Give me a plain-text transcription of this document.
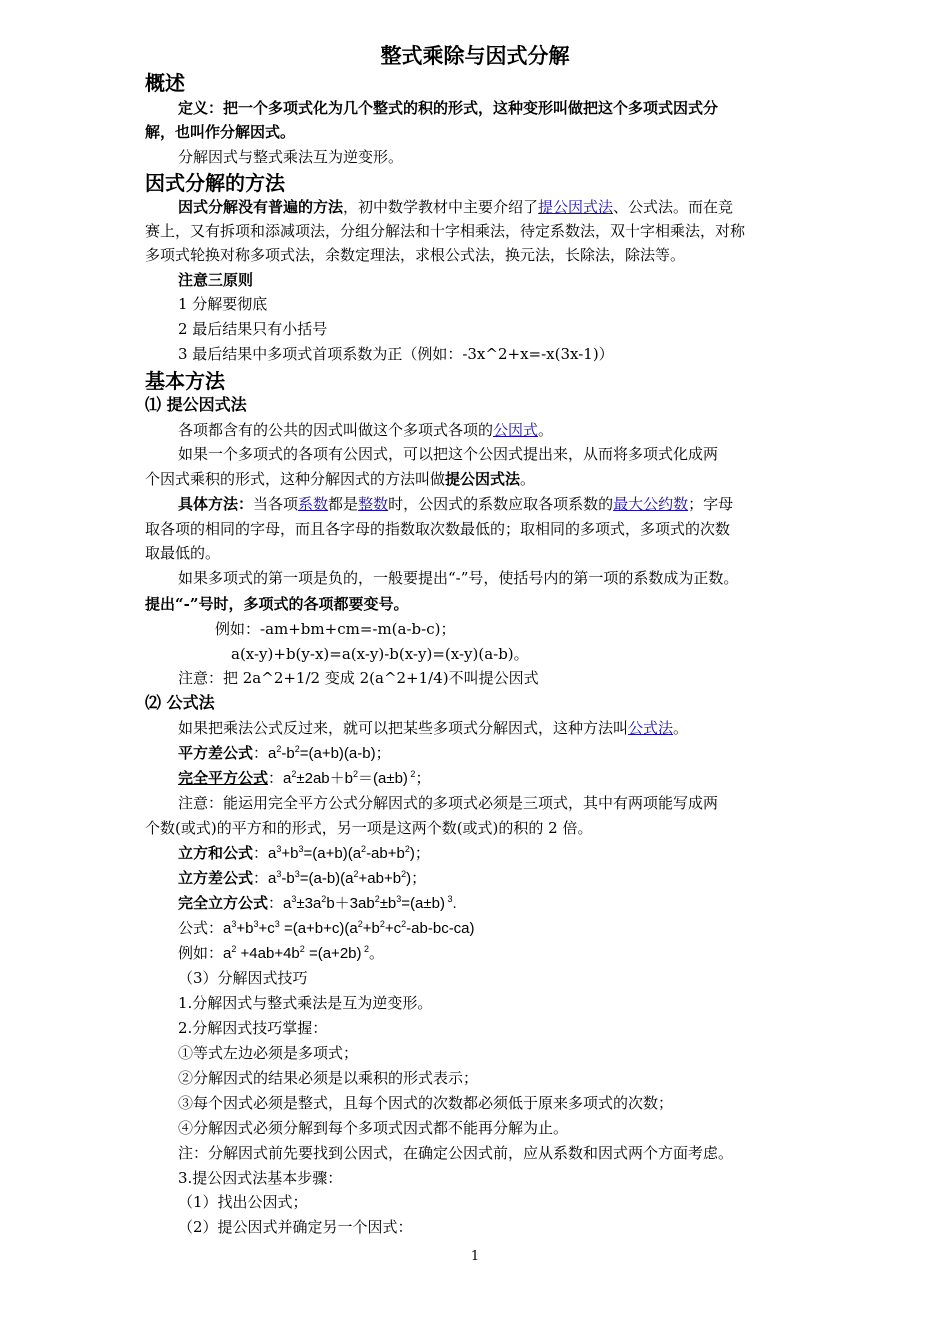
整式乘除与因式分解
概述
定义：把一个多项式化为几个整式的积的形式，这种变形叫做把这个多项式因式分
解，也叫作分解因式。
分解因式与整式乘法互为逆变形。
因式分解的方法
因式分解没有普遍的方法，初中数学教材中主要介绍了提公因式法、公式法。而在竞
赛上，又有拆项和添减项法，分组分解法和十字相乘法，待定系数法，双十字相乘法，对称
多项式轮换对称多项式法，余数定理法，求根公式法，换元法，长除法，除法等。
注意三原则
1 分解要彻底
2 最后结果只有小括号
3 最后结果中多项式首项系数为正（例如：-3x^2+x=-x(3x-1)）
基本方法
⑴ 提公因式法
各项都含有的公共的因式叫做这个多项式各项的公因式。
如果一个多项式的各项有公因式，可以把这个公因式提出来，从而将多项式化成两
个因式乘积的形式，这种分解因式的方法叫做提公因式法。
具体方法：当各项系数都是整数时，公因式的系数应取各项系数的最大公约数；字母
取各项的相同的字母，而且各字母的指数取次数最低的；取相同的多项式，多项式的次数
取最低的。
如果多项式的第一项是负的，一般要提出“-”号，使括号内的第一项的系数成为正数。
提出“-”号时，多项式的各项都要变号。
例如：-am+bm+cm=-m(a-b-c)；
a(x-y)+b(y-x)=a(x-y)-b(x-y)=(x-y)(a-b)。
注意：把 2a^2+1/2 变成 2(a^2+1/4)不叫提公因式
⑵ 公式法
如果把乘法公式反过来，就可以把某些多项式分解因式，这种方法叫公式法。
平方差公式：$a^2-b^2=(a+b)(a-b)$；
完全平方公式：$a^2\pm 2ab+b^2=(a\pm b)$ $^2$；
注意：能运用完全平方公式分解因式的多项式必须是三项式，其中有两项能写成两
个数(或式)的平方和的形式，另一项是这两个数(或式)的积的 2 倍。
立方和公式：$a^3+b^3=(a+b)(a^2-ab+b^2)$；
立方差公式：$a^3-b^3=(a-b)(a^2+ab+b^2)$；
完全立方公式：$a^3\pm 3a^2b+3ab^2\pm b^3=(a\pm b)$ $^3$.
公式：$a^3+b^3+c^3 =(a+b+c)(a^2+b^2+c^2-ab-bc-ca)$
例如：$a^2 +4ab+4b^2 =(a+2b)$ $^2$。
（3）分解因式技巧
1.分解因式与整式乘法是互为逆变形。
2.分解因式技巧掌握：
①等式左边必须是多项式；
②分解因式的结果必须是以乘积的形式表示；
③每个因式必须是整式，且每个因式的次数都必须低于原来多项式的次数；
④分解因式必须分解到每个多项式因式都不能再分解为止。
注：分解因式前先要找到公因式，在确定公因式前，应从系数和因式两个方面考虑。
3.提公因式法基本步骤：
（1）找出公因式；
（2）提公因式并确定另一个因式：
1
